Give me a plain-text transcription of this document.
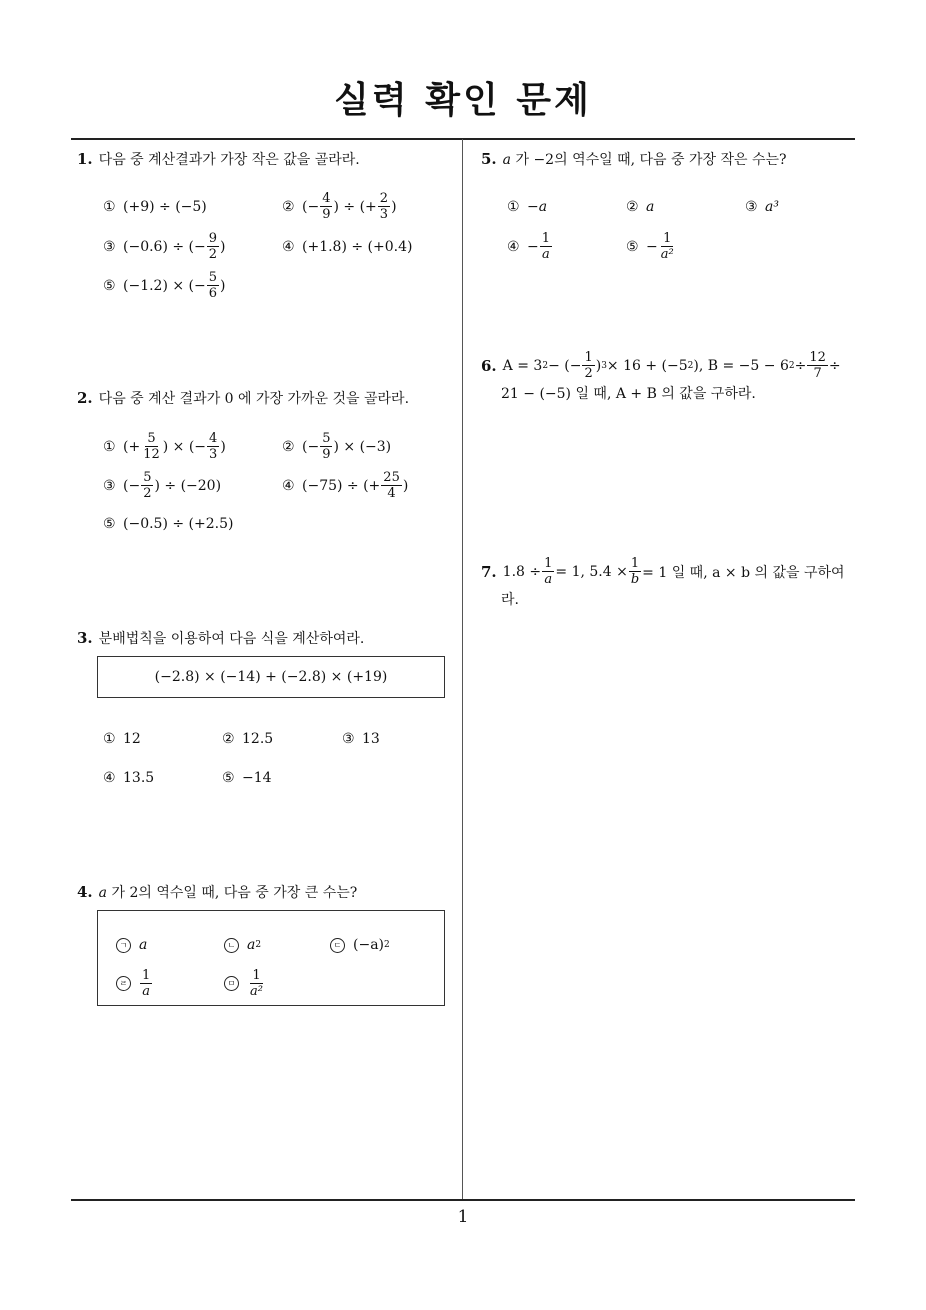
실력 확인 문제
1
1. 다음 중 계산결과가 가장 작은 값을 골라라.
① (+9) ÷ (−5)	② (− $\frac{4}{9}$ ) ÷ (+ $\frac{2}{3}$ )
③ (−0.6) ÷ (− $\frac{9}{2}$ )	④ (+1.8) ÷ (+0.4)
⑤ (−1.2) × (− $\frac{5}{6}$ )
2. 다음 중 계산 결과가 0 에 가장 가까운 것을 골라라.
① (+ $\frac{5}{12}$ ) × (− $\frac{4}{3}$ )	② (− $\frac{5}{9}$ ) × (−3)
③ (− $\frac{5}{2}$ ) ÷ (−20)	④ (−75) ÷ (+ $\frac{25}{4}$ )
⑤ (−0.5) ÷ (+2.5)
3. 분배법칙을 이용하여 다음 식을 계산하여라.
(−2.8) × (−14) + (−2.8) × (+19)
① 12	② 12.5	③ 13
④ 13.5	⑤ −14
4. a 가 2의 역수일 때, 다음 중 가장 큰 수는?
ㄱ a	ㄴ a 2	ㄷ (−a) 2
ㄹ $\frac{1}{a}$	ㅁ $\frac{1}{\text{a²}}$
5. a 가 −2의 역수일 때, 다음 중 가장 작은 수는?
① −a	② a	③ a³
④ − $\frac{1}{a}$	⑤ − $\frac{1}{\text{a²}}$
6. A = 3 2 − (− $\frac{1}{2}$ ) 3 × 16 + (−5 2 ), B = −5 − 6 $2 \div \frac{12}{7}$ ÷
21 − (−5) 일 때, A + B 의 값을 구하라.
7. $1.8 \div \frac{1}{a} = 1$, $5.4 \times \frac{1}{b} = 1$ 일 때, a × b 의 값을 구하여
라.
